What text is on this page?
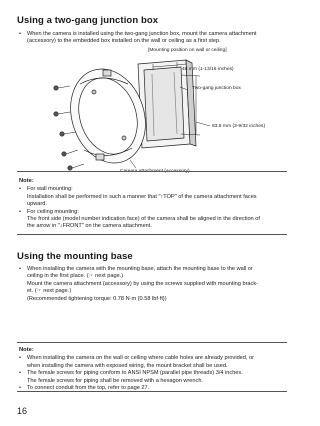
Using a two-gang junction box
•	When the camera is installed using the two-gang junction box, mount the camera attachment
(accessory) to the embedded box installed on the wall or ceiling as a first step.
[Mounting position on wall or ceiling]
46 mm {1-13/16 inches}
Two-gang junction box
83.5 mm {3-9/32 inches}
Camera attachment (accessory)
Note:
•	For wall mounting:
Installation shall be performed in such a manner that "↑TOP" of the camera attachment faces
upward.
•	For ceiling mounting:
The front side (model number indication face) of the camera shall be aligned in the direction of
the arrow in "↓FRONT" on the camera attachment.
Using the mounting base
•	When installing the camera with the mounting base, attach the mounting base to the wall or
ceiling in the first place. (☞ next page.)
Mount the camera attachment (accessory) by using the screws supplied with mounting brack-
et. (☞ next page.)
(Recommended tightening torque: 0.78 N·m {0.58 lbf·ft})
Note:
•	When installing the camera on the wall or ceiling where cable holes are already provided, or
when installing the camera with exposed wiring, the mount bracket shall be used.
•	The female screws for piping conform to ANSI NPSM (parallel pipe threads) 3/4 inches.
The female screws for piping shall be removed with a hexagon wrench.
•	To connect conduit from the top, refer to page 27.
16
